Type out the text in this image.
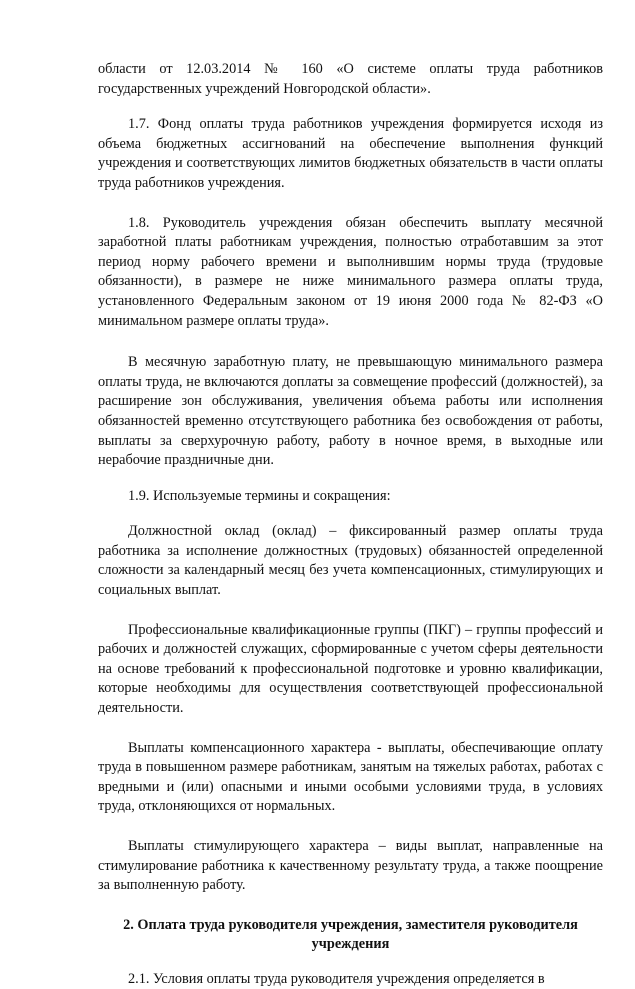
области от 12.03.2014 № 160 «О системе оплаты труда работников государственных учреждений Новгородской области».

1.7. Фонд оплаты труда работников учреждения формируется исходя из объема бюджетных ассигнований на обеспечение выполнения функций учреждения и соответствующих лимитов бюджетных обязательств в части оплаты труда работников учреждения.

1.8. Руководитель учреждения обязан обеспечить выплату месячной заработной платы работникам учреждения, полностью отработавшим за этот период норму рабочего времени и выполнившим нормы труда (трудовые обязанности), в размере не ниже минимального размера оплаты труда, установленного Федеральным законом от 19 июня 2000 года № 82-ФЗ «О минимальном размере оплаты труда».

В месячную заработную плату, не превышающую минимального размера оплаты труда, не включаются доплаты за совмещение профессий (должностей), за расширение зон обслуживания, увеличения объема работы или исполнения обязанностей временно отсутствующего работника без освобождения от работы, выплаты за сверхурочную работу, работу в ночное время, в выходные или нерабочие праздничные дни.

1.9. Используемые термины и сокращения:

Должностной оклад (оклад) – фиксированный размер оплаты труда работника за исполнение должностных (трудовых) обязанностей определенной сложности за календарный месяц без учета компенсационных, стимулирующих и социальных выплат.

Профессиональные квалификационные группы (ПКГ) – группы профессий и рабочих и должностей служащих, сформированные с учетом сферы деятельности на основе требований к профессиональной подготовке и уровню квалификации, которые необходимы для осуществления соответствующей профессиональной деятельности.

Выплаты компенсационного характера - выплаты, обеспечивающие оплату труда в повышенном размере работникам, занятым на тяжелых работах, работах с вредными и (или) опасными и иными особыми условиями труда, в условиях труда, отклоняющихся от нормальных.

Выплаты стимулирующего характера – виды выплат, направленные на стимулирование работника к качественному результату труда, а также поощрение за выполненную работу.

2. Оплата труда руководителя учреждения, заместителя руководителя учреждения

2.1. Условия оплаты труда руководителя учреждения определяется в
